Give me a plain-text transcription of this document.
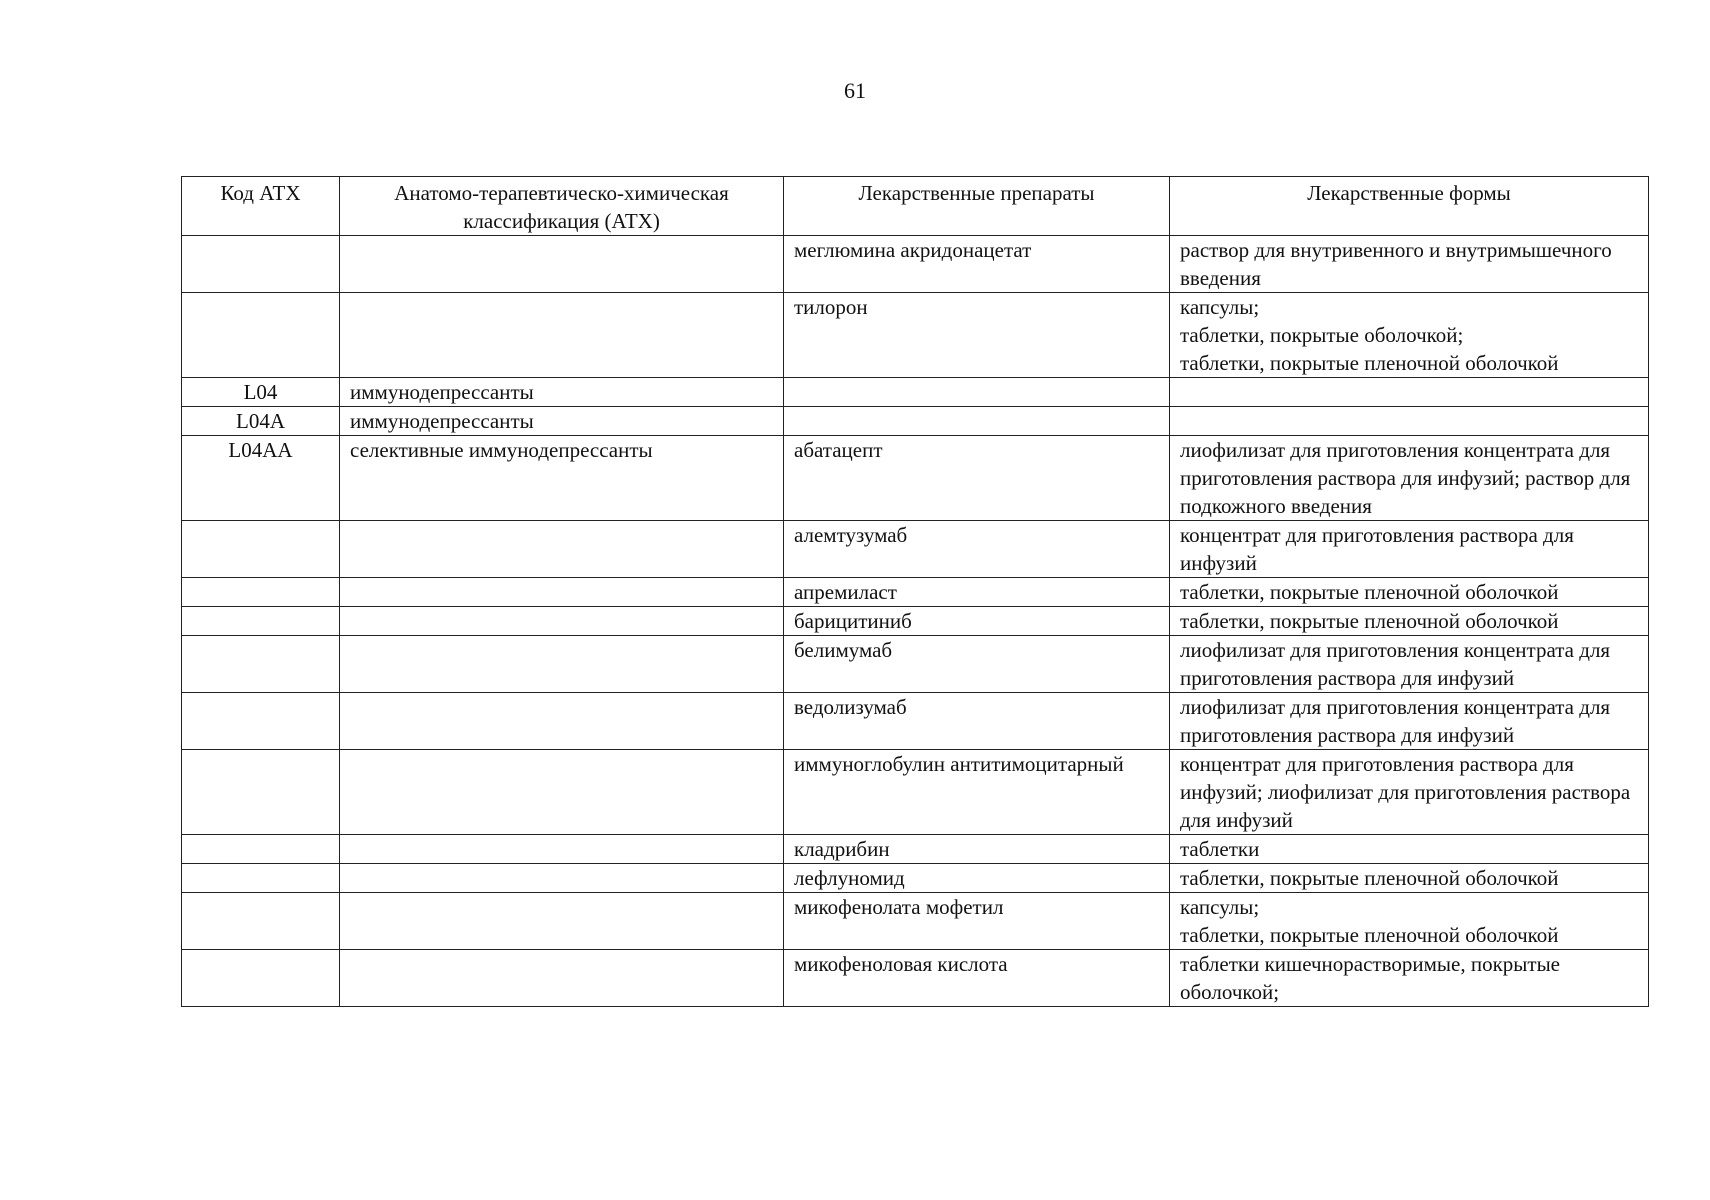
61
Код АТХ	Анатомо-терапевтическо-химическая классификация (АТХ)	Лекарственные препараты	Лекарственные формы
		меглюмина акридонацетат	раствор для внутривенного и внутримышечного введения
		тилорон	капсулы;
таблетки, покрытые оболочкой;
таблетки, покрытые пленочной оболочкой
L04	иммунодепрессанты		
L04A	иммунодепрессанты		
L04AA	селективные иммунодепрессанты	абатацепт	лиофилизат для приготовления концентрата для приготовления раствора для инфузий; раствор для подкожного введения
		алемтузумаб	концентрат для приготовления раствора для инфузий
		апремиласт	таблетки, покрытые пленочной оболочкой
		барицитиниб	таблетки, покрытые пленочной оболочкой
		белимумаб	лиофилизат для приготовления концентрата для приготовления раствора для инфузий
		ведолизумаб	лиофилизат для приготовления концентрата для приготовления раствора для инфузий
		иммуноглобулин антитимоцитарный	концентрат для приготовления раствора для инфузий; лиофилизат для приготовления раствора для инфузий
		кладрибин	таблетки
		лефлуномид	таблетки, покрытые пленочной оболочкой
		микофенолата мофетил	капсулы;
таблетки, покрытые пленочной оболочкой
		микофеноловая кислота	таблетки кишечнорастворимые, покрытые оболочкой;
